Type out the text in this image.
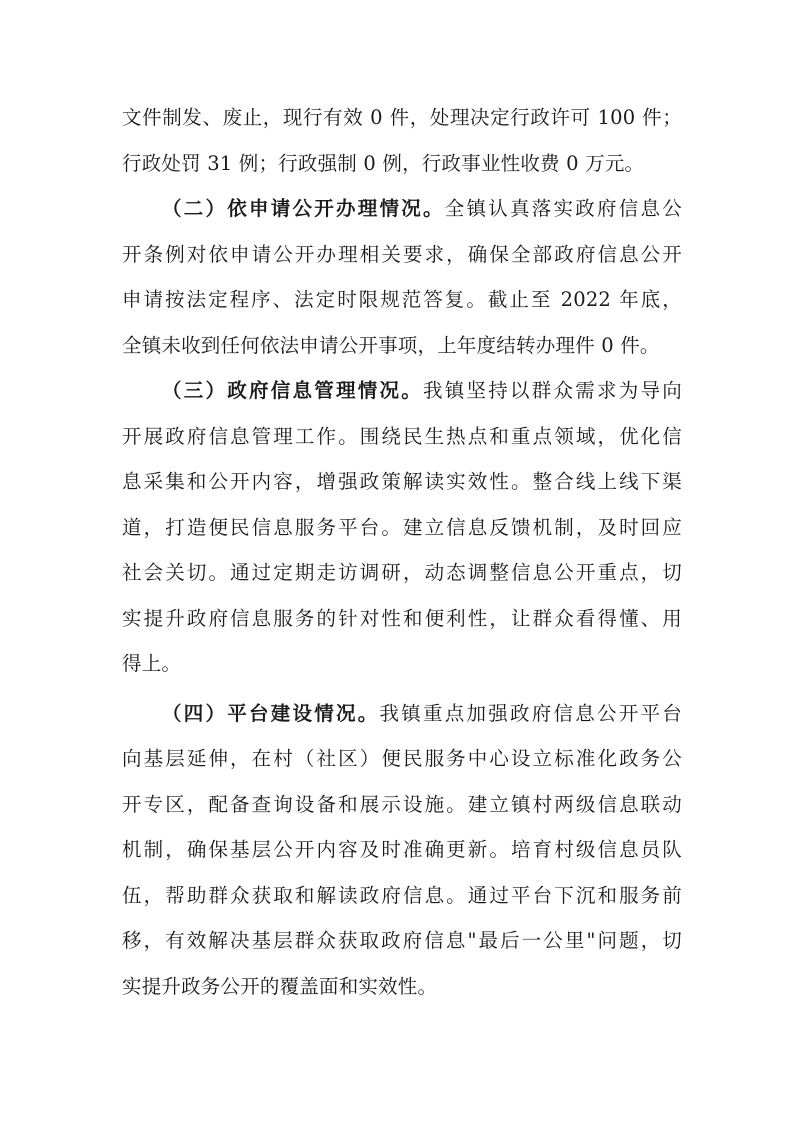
文件制发、废止，现行有效 0 件，处理决定行政许可 100 件；
行政处罚 31 例；行政强制 0 例，行政事业性收费 0 万元。
（二）依申请公开办理情况。全镇认真落实政府信息公
开条例对依申请公开办理相关要求，确保全部政府信息公开
申请按法定程序、法定时限规范答复。截止至 2022 年底，
全镇未收到任何依法申请公开事项，上年度结转办理件 0 件。
（三）政府信息管理情况。我镇坚持以群众需求为导向
开展政府信息管理工作。围绕民生热点和重点领域，优化信
息采集和公开内容，增强政策解读实效性。整合线上线下渠
道，打造便民信息服务平台。建立信息反馈机制，及时回应
社会关切。通过定期走访调研，动态调整信息公开重点，切
实提升政府信息服务的针对性和便利性，让群众看得懂、用
得上。
（四）平台建设情况。我镇重点加强政府信息公开平台
向基层延伸，在村（社区）便民服务中心设立标准化政务公
开专区，配备查询设备和展示设施。建立镇村两级信息联动
机制，确保基层公开内容及时准确更新。培育村级信息员队
伍，帮助群众获取和解读政府信息。通过平台下沉和服务前
移，有效解决基层群众获取政府信息"最后一公里"问题，切
实提升政务公开的覆盖面和实效性。
